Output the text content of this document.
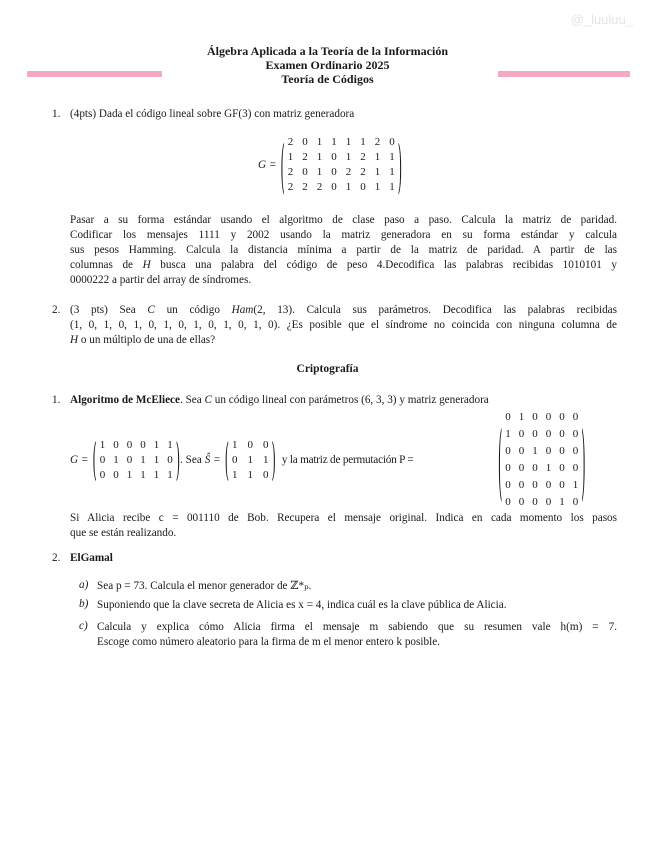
@_luuluu_
Álgebra Aplicada a la Teoría de la Información
Examen Ordinario 2025
Teoría de Códigos
1. (4pts) Dada el código lineal sobre GF(3) con matriz generadora
G = ( 2 0 1 1 1 1 2 0
1 2 1 0 1 2 1 1
2 0 1 0 2 2 1 1
2 2 2 0 1 0 1 1 )
Pasar a su forma estándar usando el algoritmo de clase paso a paso. Calcula la matriz de paridad.
Codificar los mensajes 1111 y 2002 usando la matriz generadora en su forma estándar y calcula
sus pesos Hamming. Calcula la distancia mínima a partir de la matriz de paridad. A partir de las
columnas de H busca una palabra del código de peso 4.Decodifica las palabras recibidas 1010101 y
0000222 a partir del array de síndromes.
2. (3 pts) Sea C un código Ham(2, 13). Calcula sus parámetros. Decodifica las palabras recibidas
(1, 0, 1, 0, 1, 0, 1, 0, 1, 0, 1, 0, 1, 0). ¿Es posible que el síndrome no coincida con ninguna columna de
H o un múltiplo de una de ellas?
Criptografía
1. Algoritmo de McEliece. Sea C un código lineal con parámetros (6, 3, 3) y matriz generadora
G = ( 1 0 0 0 1 1
0 1 0 1 1 0
0 0 1 1 1 1 ) . Sea Ŝ = ( 1 0 0
0 1 1
1 1 0 ) y la matriz de permutación P =	( 0 1 0 0 0 0
1 0 0 0 0 0
0 0 1 0 0 0
0 0 0 1 0 0
0 0 0 0 0 1
0 0 0 0 1 0 )
Si Alicia recibe c = 001110 de Bob. Recupera el mensaje original. Indica en cada momento los pasos
que se están realizando.
2. ElGamal
a) Sea p = 73. Calcula el menor generador de ℤ*ₚ.
b) Suponiendo que la clave secreta de Alicia es x = 4, indica cuál es la clave pública de Alicia.
c) Calcula y explica cómo Alicia firma el mensaje m sabiendo que su resumen vale h(m) = 7.
Escoge como número aleatorio para la firma de m el menor entero k posible.
